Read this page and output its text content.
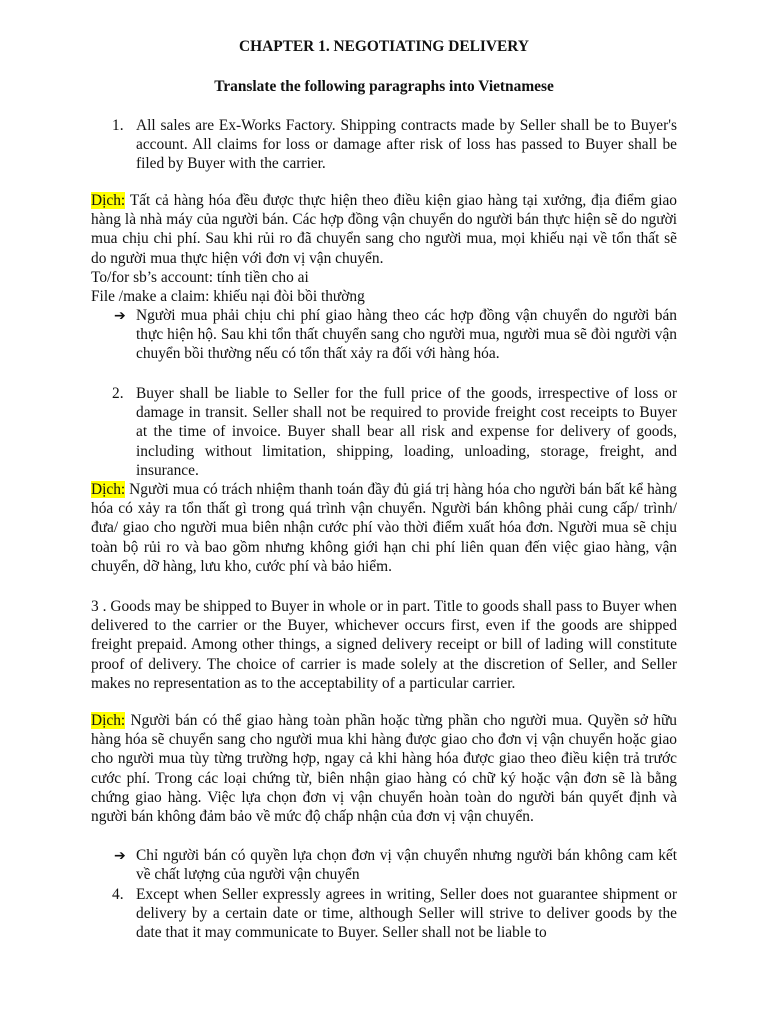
CHAPTER 1. NEGOTIATING DELIVERY
Translate the following paragraphs into Vietnamese
1. All sales are Ex-Works Factory. Shipping contracts made by Seller shall be to Buyer's account. All claims for loss or damage after risk of loss has passed to Buyer shall be filed by Buyer with the carrier.
Dịch: Tất cả hàng hóa đều được thực hiện theo điều kiện giao hàng tại xưởng, địa điểm giao hàng là nhà máy của người bán. Các hợp đồng vận chuyển do người bán thực hiện sẽ do người mua chịu chi phí. Sau khi rủi ro đã chuyển sang cho người mua, mọi khiếu nại về tổn thất sẽ do người mua thực hiện với đơn vị vận chuyển.
To/for sb’s account: tính tiền cho ai
File /make a claim: khiếu nại đòi bồi thường
➔ Người mua phải chịu chi phí giao hàng theo các hợp đồng vận chuyển do người bán thực hiện hộ. Sau khi tổn thất chuyển sang cho người mua, người mua sẽ đòi người vận chuyển bồi thường nếu có tổn thất xảy ra đối với hàng hóa.
2. Buyer shall be liable to Seller for the full price of the goods, irrespective of loss or damage in transit. Seller shall not be required to provide freight cost receipts to Buyer at the time of invoice. Buyer shall bear all risk and expense for delivery of goods, including without limitation, shipping, loading, unloading, storage, freight, and insurance.
Dịch: Người mua có trách nhiệm thanh toán đầy đủ giá trị hàng hóa cho người bán bất kể hàng hóa có xảy ra tổn thất gì trong quá trình vận chuyển. Người bán không phải cung cấp/ trình/ đưa/ giao cho người mua biên nhận cước phí vào thời điểm xuất hóa đơn. Người mua sẽ chịu toàn bộ rủi ro và bao gồm nhưng không giới hạn chi phí liên quan đến việc giao hàng, vận chuyển, dỡ hàng, lưu kho, cước phí và bảo hiểm.
3 . Goods may be shipped to Buyer in whole or in part. Title to goods shall pass to Buyer when delivered to the carrier or the Buyer, whichever occurs first, even if the goods are shipped freight prepaid. Among other things, a signed delivery receipt or bill of lading will constitute proof of delivery. The choice of carrier is made solely at the discretion of Seller, and Seller makes no representation as to the acceptability of a particular carrier.
Dịch: Người bán có thể giao hàng toàn phần hoặc từng phần cho người mua. Quyền sở hữu hàng hóa sẽ chuyển sang cho người mua khi hàng được giao cho đơn vị vận chuyển hoặc giao cho người mua tùy từng trường hợp, ngay cả khi hàng hóa được giao theo điều kiện trả trước cước phí. Trong các loại chứng từ, biên nhận giao hàng có chữ ký hoặc vận đơn sẽ là bằng chứng giao hàng. Việc lựa chọn đơn vị vận chuyển hoàn toàn do người bán quyết định và người bán không đảm bảo về mức độ chấp nhận của đơn vị vận chuyển.
➔ Chỉ người bán có quyền lựa chọn đơn vị vận chuyển nhưng người bán không cam kết về chất lượng của người vận chuyển
4. Except when Seller expressly agrees in writing, Seller does not guarantee shipment or delivery by a certain date or time, although Seller will strive to deliver goods by the date that it may communicate to Buyer. Seller shall not be liable to
